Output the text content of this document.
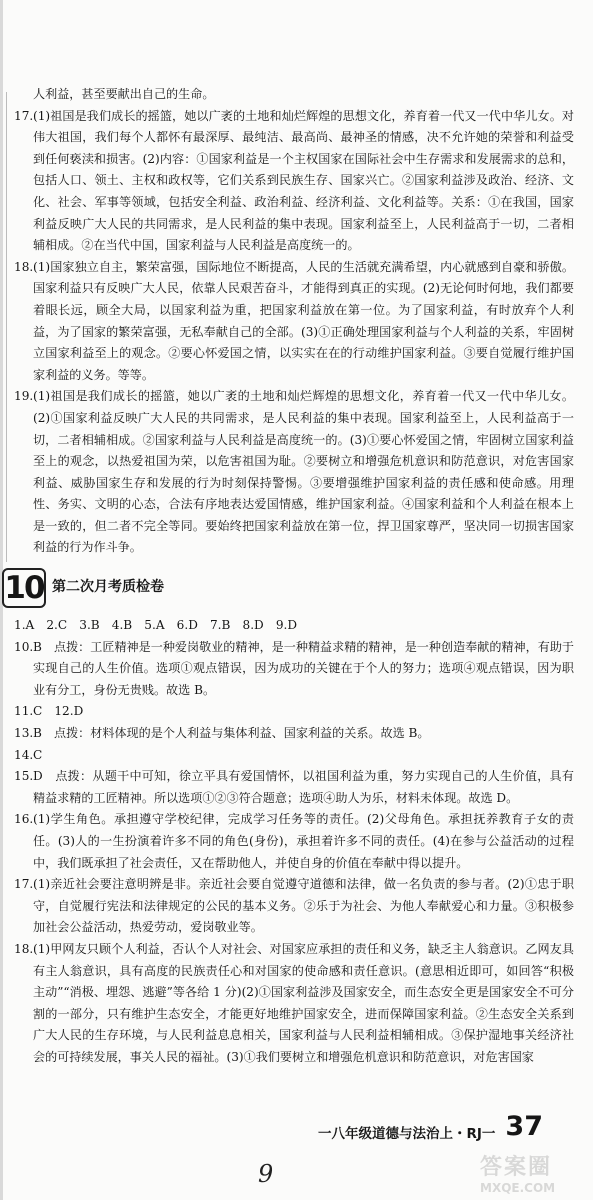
人利益，甚至要献出自己的生命。

17. (1)祖国是我们成长的摇篮，她以广袤的土地和灿烂辉煌的思想文化，养育着一代又一代中华儿女。对伟大祖国，我们每个人都怀有最深厚、最纯洁、最高尚、最神圣的情感，决不允许她的荣誉和利益受到任何亵渎和损害。(2)内容：①国家利益是一个主权国家在国际社会中生存需求和发展需求的总和，包括人口、领土、主权和政权等，它们关系到民族生存、国家兴亡。②国家利益涉及政治、经济、文化、社会、军事等领域，包括安全利益、政治利益、经济利益、文化利益等。关系：①在我国，国家利益反映广大人民的共同需求，是人民利益的集中表现。国家利益至上，人民利益高于一切，二者相辅相成。②在当代中国，国家利益与人民利益是高度统一的。
18. (1)国家独立自主，繁荣富强，国际地位不断提高，人民的生活就充满希望，内心就感到自豪和骄傲。国家利益只有反映广大人民，依靠人民艰苦奋斗，才能得到真正的实现。(2)无论何时何地，我们都要着眼长远，顾全大局，以国家利益为重，把国家利益放在第一位。为了国家利益，有时放弃个人利益，为了国家的繁荣富强，无私奉献自己的全部。(3)①正确处理国家利益与个人利益的关系，牢固树立国家利益至上的观念。②要心怀爱国之情，以实实在在的行动维护国家利益。③要自觉履行维护国家利益的义务。等等。
19. (1)祖国是我们成长的摇篮，她以广袤的土地和灿烂辉煌的思想文化，养育着一代又一代中华儿女。(2)①国家利益反映广大人民的共同需求，是人民利益的集中表现。国家利益至上，人民利益高于一切，二者相辅相成。②国家利益与人民利益是高度统一的。(3)①要心怀爱国之情，牢固树立国家利益至上的观念，以热爱祖国为荣，以危害祖国为耻。②要树立和增强危机意识和防范意识，对危害国家利益、威胁国家生存和发展的行为时刻保持警惕。③要增强维护国家利益的责任感和使命感。用理性、务实、文明的心态，合法有序地表达爱国情感，维护国家利益。④国家利益和个人利益在根本上是一致的，但二者不完全等同。要始终把国家利益放在第一位，捍卫国家尊严，坚决同一切损害国家利益的行为作斗争。
10 第二次月考质检卷

1.A　2.C　3.B　4.B　5.A　6.D　7.B　8.D　9.D

10. B　点拨：工匠精神是一种爱岗敬业的精神，是一种精益求精的精神，是一种创造奉献的精神，有助于实现自己的人生价值。选项①观点错误，因为成功的关键在于个人的努力；选项④观点错误，因为职业有分工，身份无贵贱。故选 B。
11. C　12.D
13. B　点拨：材料体现的是个人利益与集体利益、国家利益的关系。故选 B。
14. C
15. D　点拨：从题干中可知，徐立平具有爱国情怀，以祖国利益为重，努力实现自己的人生价值，具有精益求精的工匠精神。所以选项①②③符合题意；选项④助人为乐，材料未体现。故选 D。
16. (1)学生角色。承担遵守学校纪律，完成学习任务等的责任。(2)父母角色。承担抚养教育子女的责任。(3)人的一生扮演着许多不同的角色(身份)，承担着许多不同的责任。(4)在参与公益活动的过程中，我们既承担了社会责任，又在帮助他人，并使自身的价值在奉献中得以提升。
17. (1)亲近社会要注意明辨是非。亲近社会要自觉遵守道德和法律，做一名负责的参与者。(2)①忠于职守，自觉履行宪法和法律规定的公民的基本义务。②乐于为社会、为他人奉献爱心和力量。③积极参加社会公益活动，热爱劳动，爱岗敬业等。
18. (1)甲网友只顾个人利益，否认个人对社会、对国家应承担的责任和义务，缺乏主人翁意识。乙网友具有主人翁意识，具有高度的民族责任心和对国家的使命感和责任意识。(意思相近即可，如回答“积极主动”“消极、埋怨、逃避”等各给 1 分)(2)①国家利益涉及国家安全，而生态安全更是国家安全不可分割的一部分，只有维护生态安全，才能更好地维护国家安全，进而保障国家利益。②生态安全关系到广大人民的生存环境，与人民利益息息相关，国家利益与人民利益相辅相成。③保护湿地事关经济社会的可持续发展，事关人民的福祉。(3)①我们要树立和增强危机意识和防范意识，对危害国家
一八年级道德与法治上・RJ一 37
9	答案圈
MXQE.COM
